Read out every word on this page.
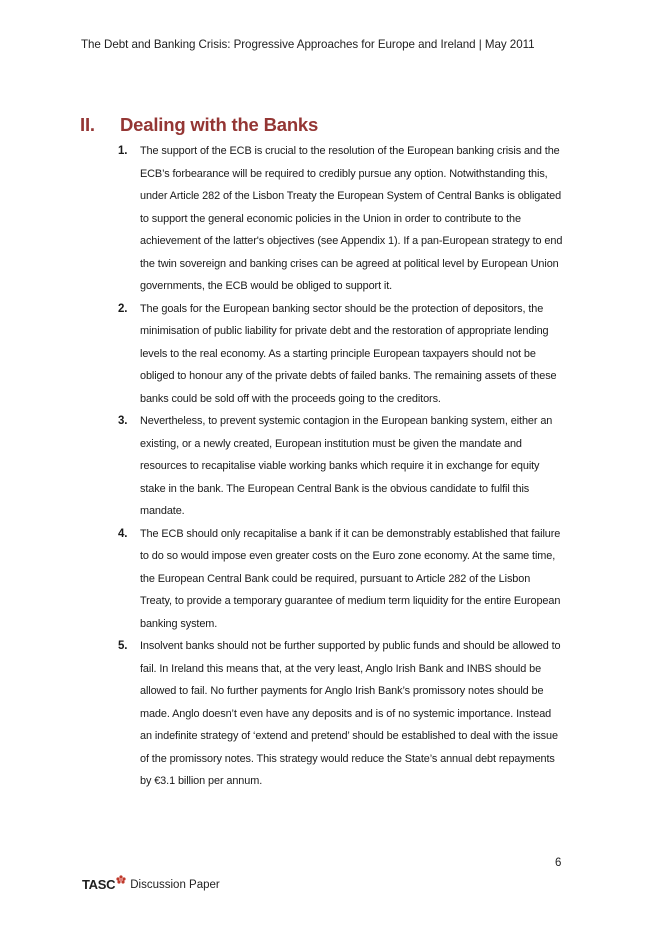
The Debt and Banking Crisis: Progressive Approaches for Europe and Ireland | May 2011
II.	Dealing with the Banks
1. The support of the ECB is crucial to the resolution of the European banking crisis and the ECB’s forbearance will be required to credibly pursue any option. Notwithstanding this, under Article 282 of the Lisbon Treaty the European System of Central Banks is obligated to support the general economic policies in the Union in order to contribute to the achievement of the latter's objectives (see Appendix 1). If a pan-European strategy to end the twin sovereign and banking crises can be agreed at political level by European Union governments, the ECB would be obliged to support it.
2. The goals for the European banking sector should be the protection of depositors, the minimisation of public liability for private debt and the restoration of appropriate lending levels to the real economy. As a starting principle European taxpayers should not be obliged to honour any of the private debts of failed banks. The remaining assets of these banks could be sold off with the proceeds going to the creditors.
3. Nevertheless, to prevent systemic contagion in the European banking system, either an existing, or a newly created, European institution must be given the mandate and resources to recapitalise viable working banks which require it in exchange for equity stake in the bank. The European Central Bank is the obvious candidate to fulfil this mandate.
4. The ECB should only recapitalise a bank if it can be demonstrably established that failure to do so would impose even greater costs on the Euro zone economy. At the same time, the European Central Bank could be required, pursuant to Article 282 of the Lisbon Treaty, to provide a temporary guarantee of medium term liquidity for the entire European banking system.
5. Insolvent banks should not be further supported by public funds and should be allowed to fail. In Ireland this means that, at the very least, Anglo Irish Bank and INBS should be allowed to fail. No further payments for Anglo Irish Bank’s promissory notes should be made. Anglo doesn’t even have any deposits and is of no systemic importance. Instead an indefinite strategy of ‘extend and pretend’ should be established to deal with the issue of the promissory notes. This strategy would reduce the State’s annual debt repayments by €3.1 billion per annum.
6
TASC Discussion Paper
